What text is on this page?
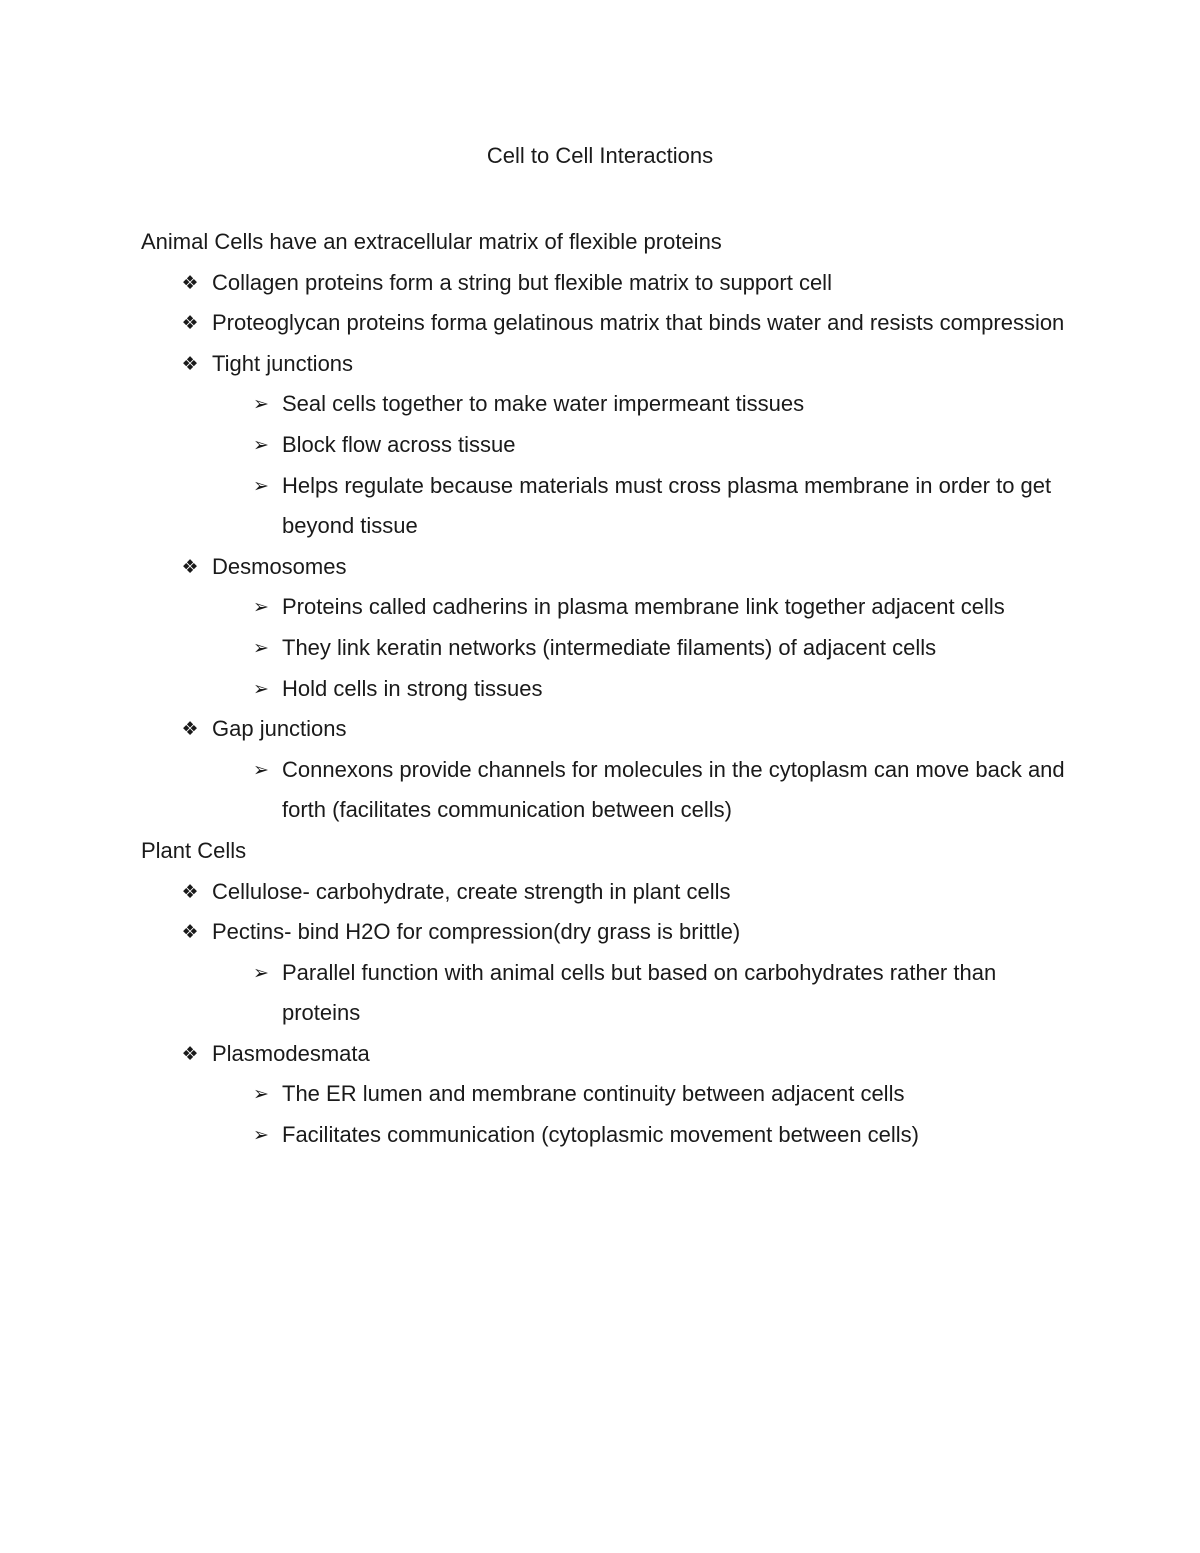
Cell to Cell Interactions
Animal Cells have an extracellular matrix of flexible proteins
❖ Collagen proteins form a string but flexible matrix to support cell
❖ Proteoglycan proteins forma gelatinous matrix that binds water and resists compression
❖ Tight junctions
➢ Seal cells together to make water impermeant tissues
➢ Block flow across tissue
➢ Helps regulate because materials must cross plasma membrane in order to get beyond tissue
❖ Desmosomes
➢ Proteins called cadherins in plasma membrane link together adjacent cells
➢ They link keratin networks (intermediate filaments) of adjacent cells
➢ Hold cells in strong tissues
❖ Gap junctions
➢ Connexons provide channels for molecules in the cytoplasm can move back and forth (facilitates communication between cells)
Plant Cells
❖ Cellulose- carbohydrate, create strength in plant cells
❖ Pectins- bind H2O for compression(dry grass is brittle)
➢ Parallel function with animal cells but based on carbohydrates rather than proteins
❖ Plasmodesmata
➢ The ER lumen and membrane continuity between adjacent cells
➢ Facilitates communication (cytoplasmic movement between cells)
